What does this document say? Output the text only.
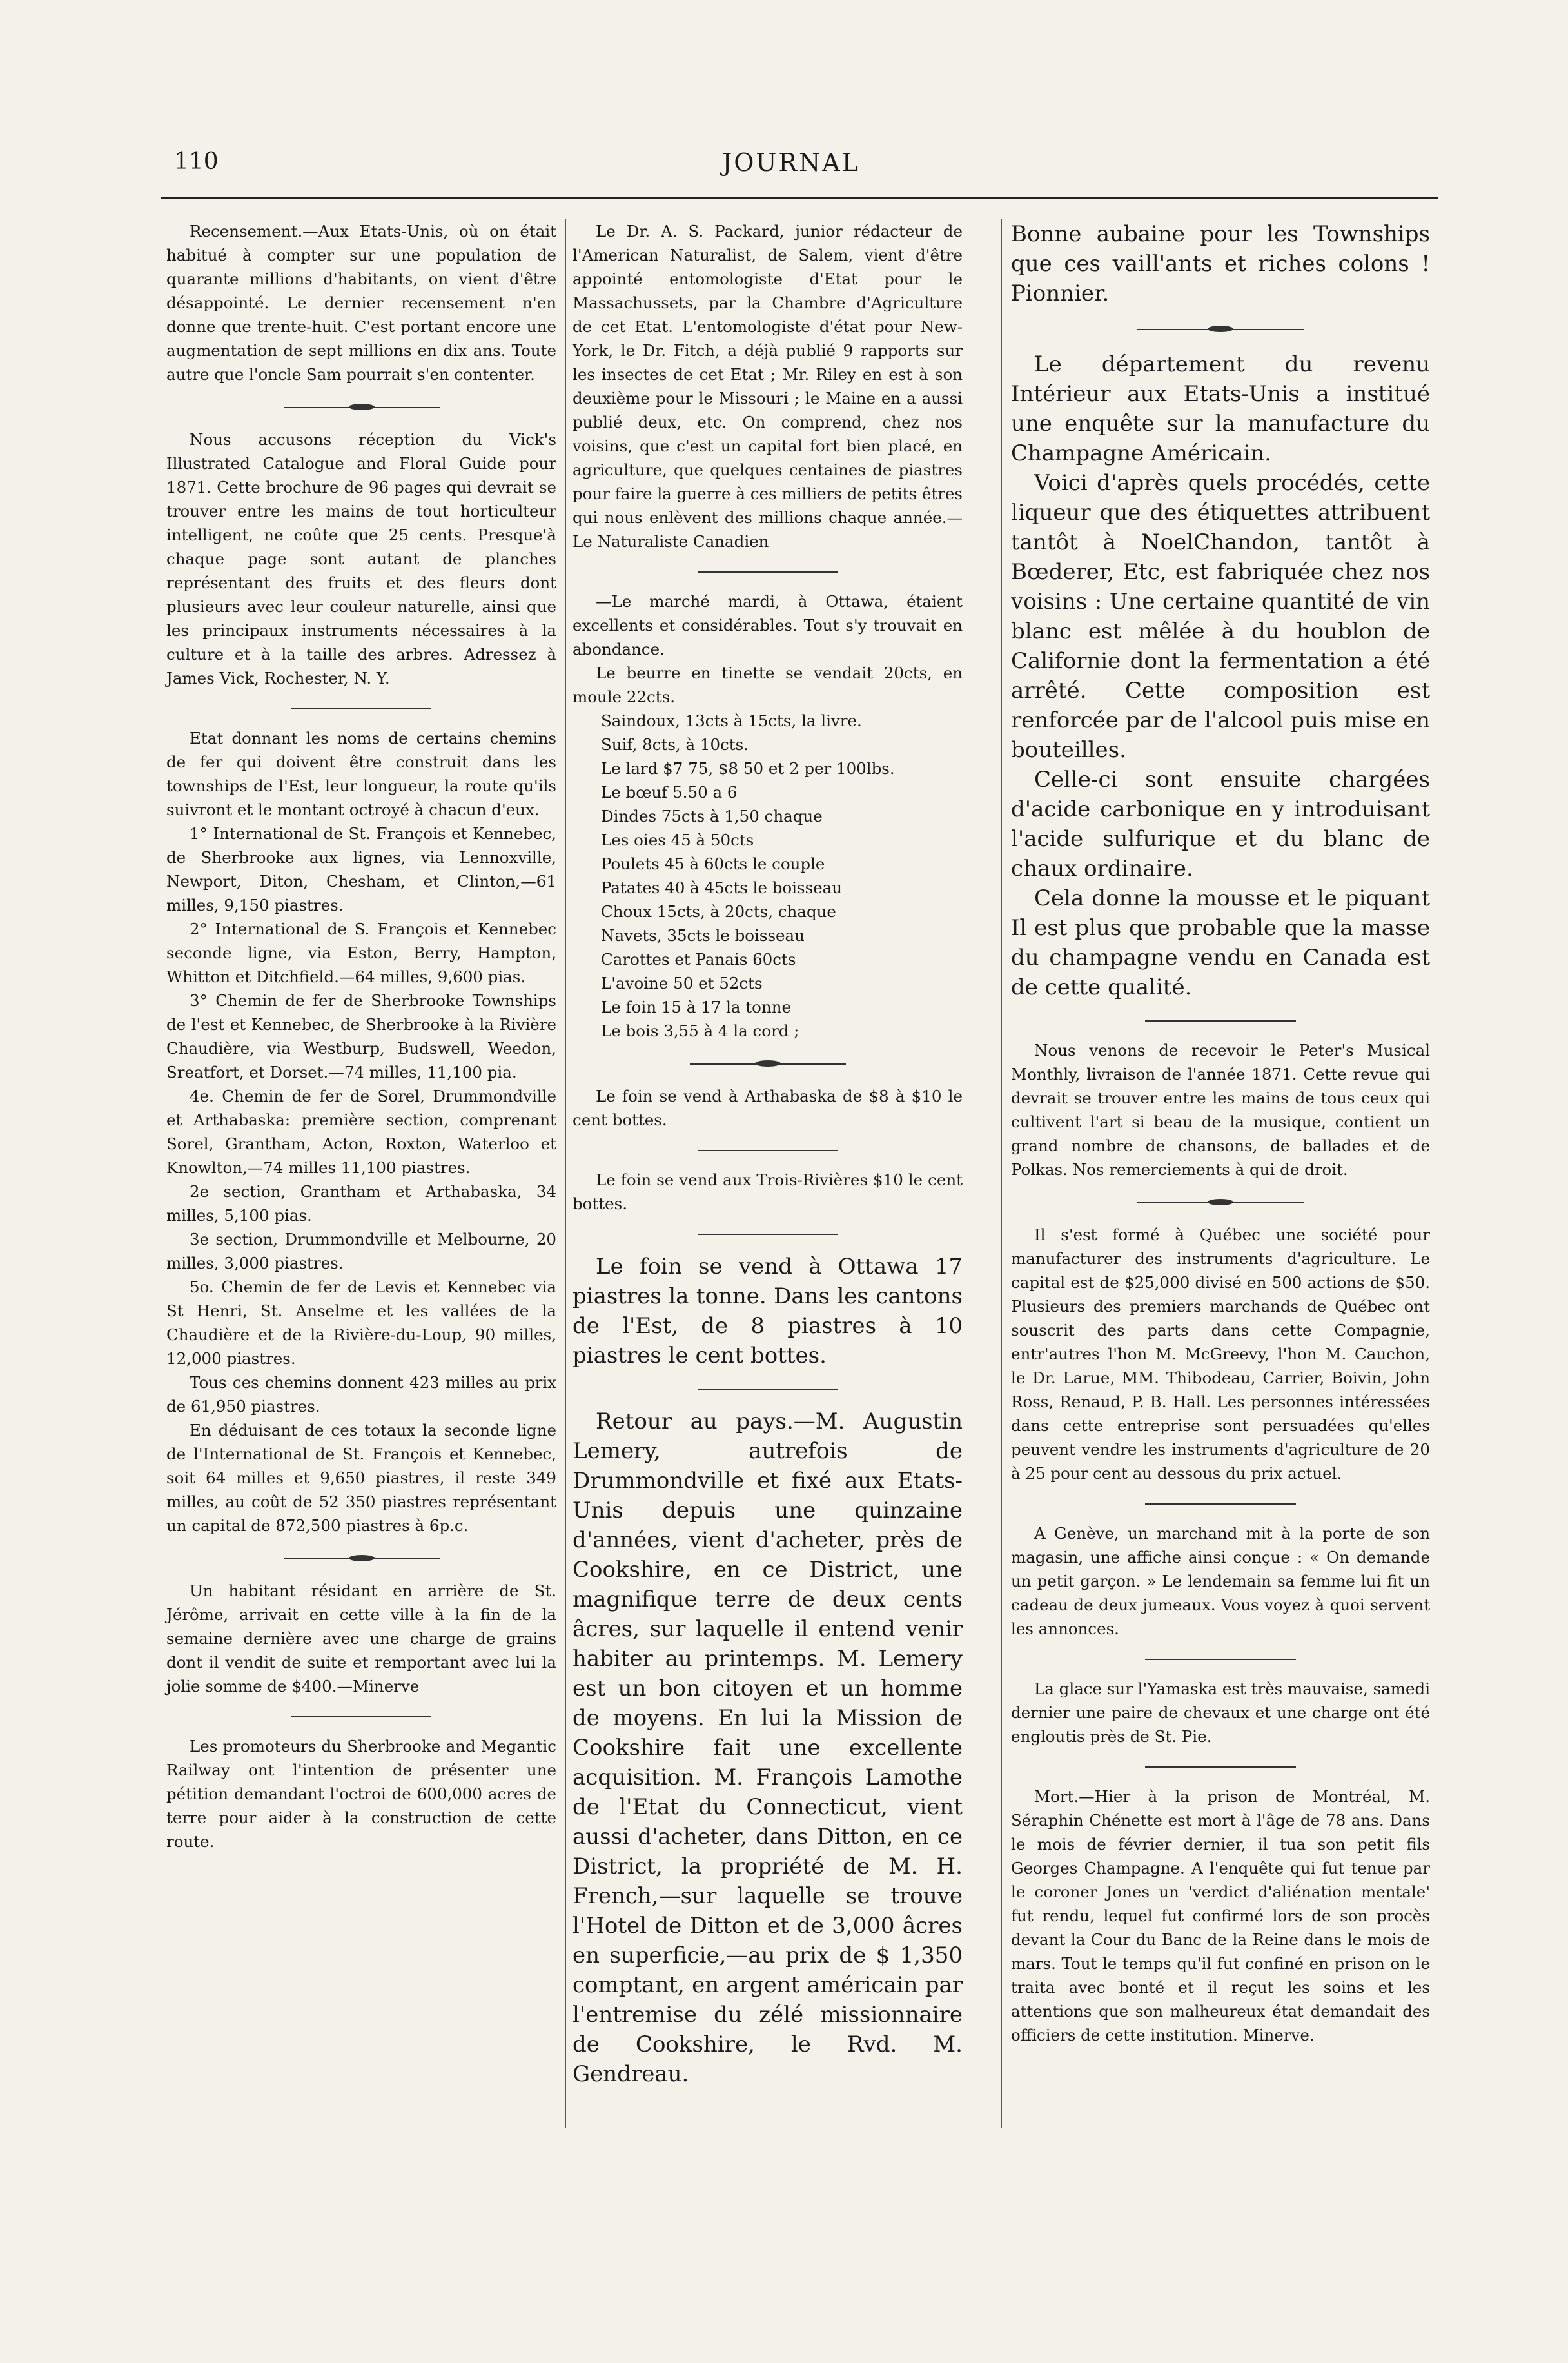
110	JOURNAL

Recensement.—Aux Etats-Unis, où on était habitué à compter sur une population de quarante millions d'habitants, on vient d'être désappointé. Le dernier recensement n'en donne que trente-huit. C'est portant encore une augmentation de sept millions en dix ans. Toute autre que l'oncle Sam pourrait s'en contenter.

Nous accusons réception du Vick's Illustrated Catalogue and Floral Guide pour 1871. Cette brochure de 96 pages qui devrait se trouver entre les mains de tout horticulteur intelligent, ne coûte que 25 cents. Presque'à chaque page sont autant de planches représentant des fruits et des fleurs dont plusieurs avec leur couleur naturelle, ainsi que les principaux instruments nécessaires à la culture et à la taille des arbres. Adressez à James Vick, Rochester, N. Y.

Etat donnant les noms de certains chemins de fer qui doivent être construit dans les townships de l'Est, leur longueur, la route qu'ils suivront et le montant octroyé à chacun d'eux.

1° International de St. François et Kennebec, de Sherbrooke aux lignes, via Lennoxville, Newport, Diton, Chesham, et Clinton,—61 milles, 9,150 piastres.

2° International de S. François et Kennebec seconde ligne, via Eston, Berry, Hampton, Whitton et Ditchfield.—64 milles, 9,600 pias.

3° Chemin de fer de Sherbrooke Townships de l'est et Kennebec, de Sherbrooke à la Rivière Chaudière, via Westburp, Budswell, Weedon, Sreatfort, et Dorset.—74 milles, 11,100 pia.

4e. Chemin de fer de Sorel, Drummondville et Arthabaska: première section, comprenant Sorel, Grantham, Acton, Roxton, Waterloo et Knowlton,—74 milles 11,100 piastres.

2e section, Grantham et Arthabaska, 34 milles, 5,100 pias.

3e section, Drummondville et Melbourne, 20 milles, 3,000 piastres.

5o. Chemin de fer de Levis et Kennebec via St Henri, St. Anselme et les vallées de la Chaudière et de la Rivière-du-Loup, 90 milles, 12,000 piastres.

Tous ces chemins donnent 423 milles au prix de 61,950 piastres.

En déduisant de ces totaux la seconde ligne de l'International de St. François et Kennebec, soit 64 milles et 9,650 piastres, il reste 349 milles, au coût de 52 350 piastres représentant un capital de 872,500 piastres à 6p.c.

Un habitant résidant en arrière de St. Jérôme, arrivait en cette ville à la fin de la semaine dernière avec une charge de grains dont il vendit de suite et remportant avec lui la jolie somme de $400.—Minerve

Les promoteurs du Sherbrooke and Megantic Railway ont l'intention de présenter une pétition demandant l'octroi de 600,000 acres de terre pour aider à la construction de cette route.

Le Dr. A. S. Packard, junior rédacteur de l'American Naturalist, de Salem, vient d'être appointé entomologiste d'Etat pour le Massachussets, par la Chambre d'Agriculture de cet Etat. L'entomologiste d'état pour New-York, le Dr. Fitch, a déjà publié 9 rapports sur les insectes de cet Etat ; Mr. Riley en est à son deuxième pour le Missouri ; le Maine en a aussi publié deux, etc. On comprend, chez nos voisins, que c'est un capital fort bien placé, en agriculture, que quelques centaines de piastres pour faire la guerre à ces milliers de petits êtres qui nous enlèvent des millions chaque année.—Le Naturaliste Canadien

—Le marché mardi, à Ottawa, étaient excellents et considérables. Tout s'y trouvait en abondance.

Le beurre en tinette se vendait 20cts, en moule 22cts.

Saindoux, 13cts à 15cts, la livre.

Suif, 8cts, à 10cts.

Le lard $7 75, $8 50 et 2 per 100lbs.

Le bœuf 5.50 a 6

Dindes 75cts à 1,50 chaque

Les oies 45 à 50cts

Poulets 45 à 60cts le couple

Patates 40 à 45cts le boisseau

Choux 15cts, à 20cts, chaque

Navets, 35cts le boisseau

Carottes et Panais 60cts

L'avoine 50 et 52cts

Le foin 15 à 17 la tonne

Le bois 3,55 à 4 la cord ;

Le foin se vend à Arthabaska de $8 à $10 le cent bottes.

Le foin se vend aux Trois-Rivières $10 le cent bottes.

Le foin se vend à Ottawa 17 piastres la tonne. Dans les cantons de l'Est, de 8 piastres à 10 piastres le cent bottes.

Retour au pays.—M. Augustin Lemery, autrefois de Drummondville et fixé aux Etats-Unis depuis une quinzaine d'années, vient d'acheter, près de Cookshire, en ce District, une magnifique terre de deux cents âcres, sur laquelle il entend venir habiter au printemps. M. Lemery est un bon citoyen et un homme de moyens. En lui la Mission de Cookshire fait une excellente acquisition. M. François Lamothe de l'Etat du Connecticut, vient aussi d'acheter, dans Ditton, en ce District, la propriété de M. H. French,—sur laquelle se trouve l'Hotel de Ditton et de 3,000 âcres en superficie,—au prix de $ 1,350 comptant, en argent américain par l'entremise du zélé missionnaire de Cookshire, le Rvd. M. Gendreau.

Bonne aubaine pour les Townships que ces vaill'ants et riches colons ! Pionnier.

Le département du revenu Intérieur aux Etats-Unis a institué une enquête sur la manufacture du Champagne Américain.

Voici d'après quels procédés, cette liqueur que des étiquettes attribuent tantôt à NoelChandon, tantôt à Bœderer, Etc, est fabriquée chez nos voisins : Une certaine quantité de vin blanc est mêlée à du houblon de Californie dont la fermentation a été arrêté. Cette composition est renforcée par de l'alcool puis mise en bouteilles.

Celle-ci sont ensuite chargées d'acide carbonique en y introduisant l'acide sulfurique et du blanc de chaux ordinaire.

Cela donne la mousse et le piquant Il est plus que probable que la masse du champagne vendu en Canada est de cette qualité.

Nous venons de recevoir le Peter's Musical Monthly, livraison de l'année 1871. Cette revue qui devrait se trouver entre les mains de tous ceux qui cultivent l'art si beau de la musique, contient un grand nombre de chansons, de ballades et de Polkas. Nos remerciements à qui de droit.

Il s'est formé à Québec une société pour manufacturer des instruments d'agriculture. Le capital est de $25,000 divisé en 500 actions de $50. Plusieurs des premiers marchands de Québec ont souscrit des parts dans cette Compagnie, entr'autres l'hon M. McGreevy, l'hon M. Cauchon, le Dr. Larue, MM. Thibodeau, Carrier, Boivin, John Ross, Renaud, P. B. Hall. Les personnes intéressées dans cette entreprise sont persuadées qu'elles peuvent vendre les instruments d'agriculture de 20 à 25 pour cent au dessous du prix actuel.

A Genève, un marchand mit à la porte de son magasin, une affiche ainsi conçue : « On demande un petit garçon. » Le lendemain sa femme lui fit un cadeau de deux jumeaux. Vous voyez à quoi servent les annonces.

La glace sur l'Yamaska est très mauvaise, samedi dernier une paire de chevaux et une charge ont été engloutis près de St. Pie.

Mort.—Hier à la prison de Montréal, M. Séraphin Chénette est mort à l'âge de 78 ans. Dans le mois de février dernier, il tua son petit fils Georges Champagne. A l'enquête qui fut tenue par le coroner Jones un 'verdict d'aliénation mentale' fut rendu, lequel fut confirmé lors de son procès devant la Cour du Banc de la Reine dans le mois de mars. Tout le temps qu'il fut confiné en prison on le traita avec bonté et il reçut les soins et les attentions que son malheureux état demandait des officiers de cette institution. Minerve.
